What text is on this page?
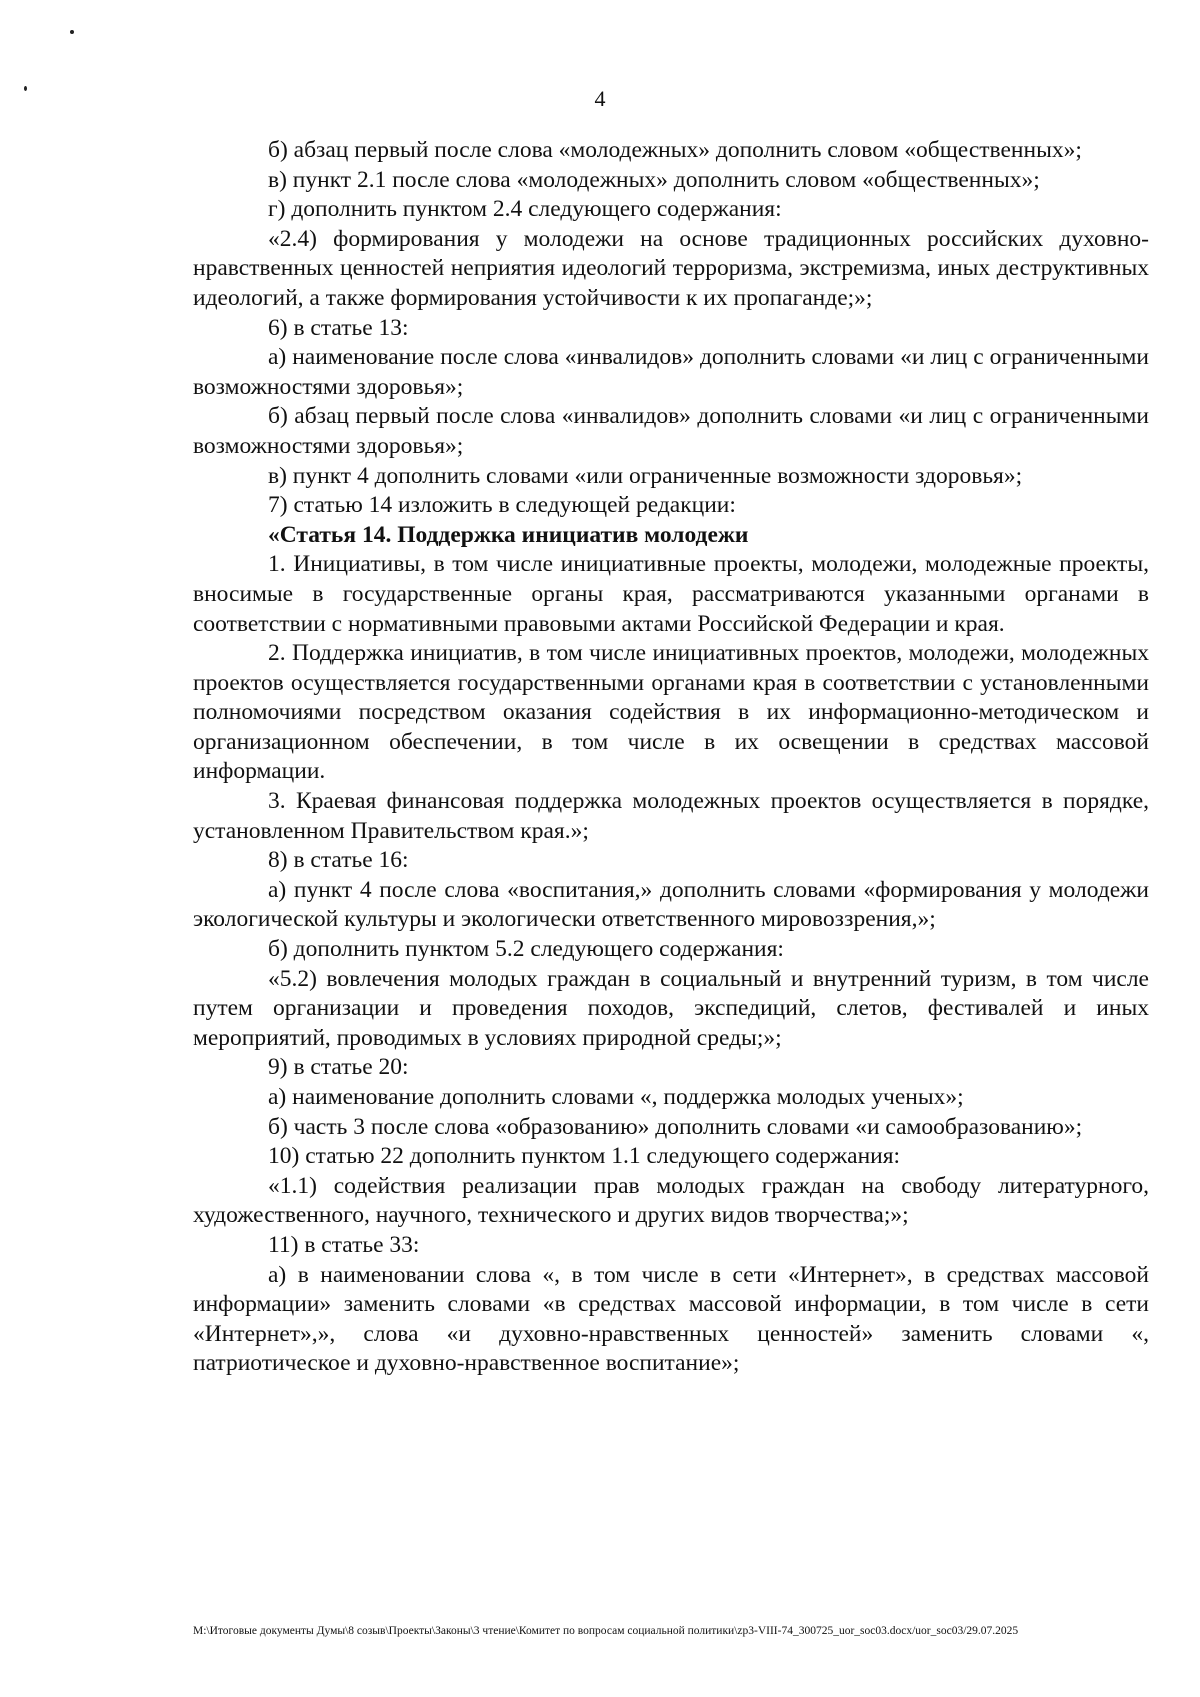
4

б) абзац первый после слова «молодежных» дополнить словом «общественных»;

в) пункт 2.1 после слова «молодежных» дополнить словом «общественных»;

г) дополнить пунктом 2.4 следующего содержания:

«2.4) формирования у молодежи на основе традиционных российских духовно-нравственных ценностей неприятия идеологий терроризма, экстремизма, иных деструктивных идеологий, а также формирования устойчивости к их пропаганде;»;

6) в статье 13:

а) наименование после слова «инвалидов» дополнить словами «и лиц с ограниченными возможностями здоровья»;

б) абзац первый после слова «инвалидов» дополнить словами «и лиц с ограниченными возможностями здоровья»;

в) пункт 4 дополнить словами «или ограниченные возможности здоровья»;

7) статью 14 изложить в следующей редакции:

«Статья 14. Поддержка инициатив молодежи

1. Инициативы, в том числе инициативные проекты, молодежи, молодежные проекты, вносимые в государственные органы края, рассматриваются указанными органами в соответствии с нормативными правовыми актами Российской Федерации и края.

2. Поддержка инициатив, в том числе инициативных проектов, молодежи, молодежных проектов осуществляется государственными органами края в соответствии с установленными полномочиями посредством оказания содействия в их информационно-методическом и организационном обеспечении, в том числе в их освещении в средствах массовой информации.

3. Краевая финансовая поддержка молодежных проектов осуществляется в порядке, установленном Правительством края.»;

8) в статье 16:

а) пункт 4 после слова «воспитания,» дополнить словами «формирования у молодежи экологической культуры и экологически ответственного мировоззрения,»;

б) дополнить пунктом 5.2 следующего содержания:

«5.2) вовлечения молодых граждан в социальный и внутренний туризм, в том числе путем организации и проведения походов, экспедиций, слетов, фестивалей и иных мероприятий, проводимых в условиях природной среды;»;

9) в статье 20:

а) наименование дополнить словами «, поддержка молодых ученых»;

б) часть 3 после слова «образованию» дополнить словами «и самообразованию»;

10) статью 22 дополнить пунктом 1.1 следующего содержания:

«1.1) содействия реализации прав молодых граждан на свободу литературного, художественного, научного, технического и других видов творчества;»;

11) в статье 33:

а) в наименовании слова «, в том числе в сети «Интернет», в средствах массовой информации» заменить словами «в средствах массовой информации, в том числе в сети «Интернет»,», слова «и духовно-нравственных ценностей» заменить словами «, патриотическое и духовно-нравственное воспитание»;

M:\Итоговые документы Думы\8 созыв\Проекты\Законы\3 чтение\Комитет по вопросам социальной политики\zp3-VIII-74_300725_uor_soc03.docx/uor_soc03/29.07.2025
